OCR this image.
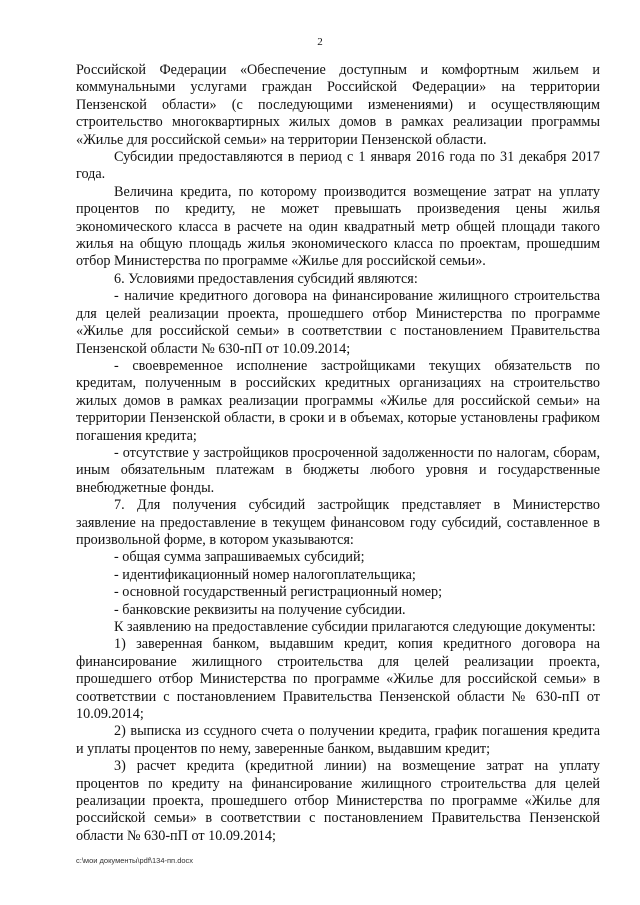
2

Российской Федерации «Обеспечение доступным и комфортным жильем и коммунальными услугами граждан Российской Федерации» на территории Пензенской области» (с последующими изменениями) и осуществляющим строительство многоквартирных жилых домов в рамках реализации программы «Жилье для российской семьи» на территории Пензенской области.

Субсидии предоставляются в период с 1 января 2016 года по 31 декабря 2017 года.

Величина кредита, по которому производится возмещение затрат на уплату процентов по кредиту, не может превышать произведения цены жилья экономического класса в расчете на один квадратный метр общей площади такого жилья на общую площадь жилья экономического класса по проектам, прошедшим отбор Министерства по программе «Жилье для российской семьи».

6. Условиями предоставления субсидий являются:

- наличие кредитного договора на финансирование жилищного строительства для целей реализации проекта, прошедшего отбор Министерства по программе «Жилье для российской семьи» в соответствии с постановлением Правительства Пензенской области № 630-пП от 10.09.2014;

- своевременное исполнение застройщиками текущих обязательств по кредитам, полученным в российских кредитных организациях на строительство жилых домов в рамках реализации программы «Жилье для российской семьи» на территории Пензенской области, в сроки и в объемах, которые установлены графиком погашения кредита;

- отсутствие у застройщиков просроченной задолженности по налогам, сборам, иным обязательным платежам в бюджеты любого уровня и государственные внебюджетные фонды.

7. Для получения субсидий застройщик представляет в Министерство заявление на предоставление в текущем финансовом году субсидий, составленное в произвольной форме, в котором указываются:

- общая сумма запрашиваемых субсидий;

- идентификационный номер налогоплательщика;

- основной государственный регистрационный номер;

- банковские реквизиты на получение субсидии.

К заявлению на предоставление субсидии прилагаются следующие документы:

1) заверенная банком, выдавшим кредит, копия кредитного договора на финансирование жилищного строительства для целей реализации проекта, прошедшего отбор Министерства по программе «Жилье для российской семьи» в соответствии с постановлением Правительства Пензенской области № 630-пП от 10.09.2014;

2) выписка из ссудного счета о получении кредита, график погашения кредита и уплаты процентов по нему, заверенные банком, выдавшим кредит;

3) расчет кредита (кредитной линии) на возмещение затрат на уплату процентов по кредиту на финансирование жилищного строительства для целей реализации проекта, прошедшего отбор Министерства по программе «Жилье для российской семьи» в соответствии с постановлением Правительства Пензенской области № 630-пП от 10.09.2014;

c:\мои документы\pdf\134-пп.docx
